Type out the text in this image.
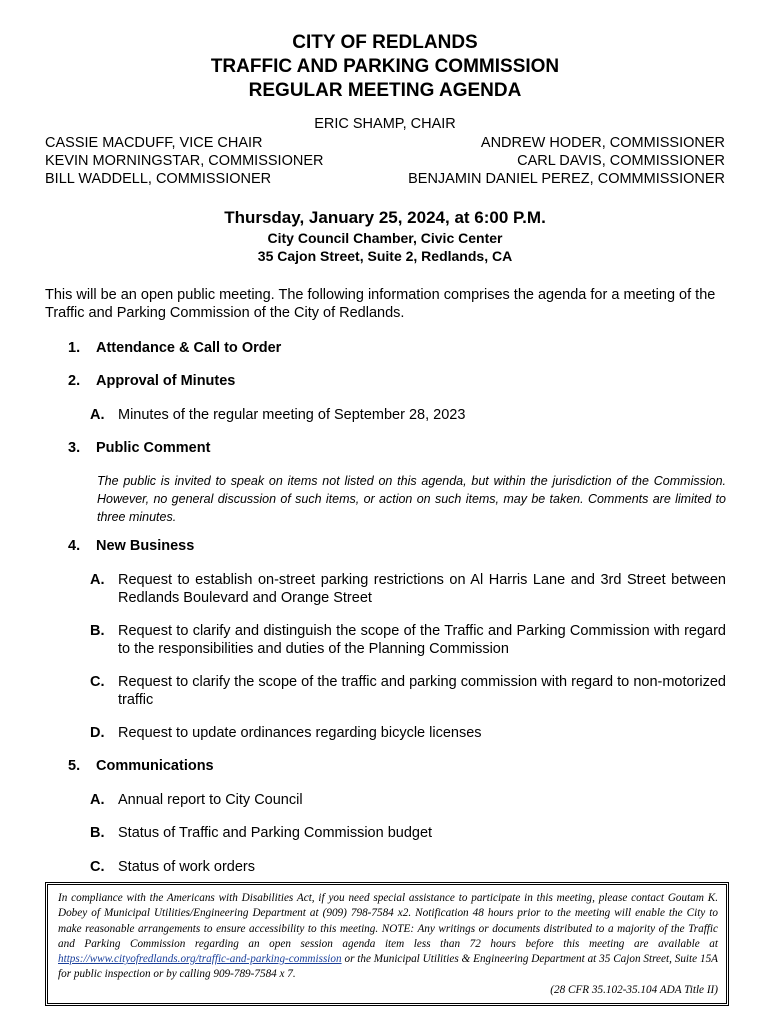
CITY OF REDLANDS
TRAFFIC AND PARKING COMMISSION
REGULAR MEETING AGENDA
ERIC SHAMP, CHAIR
CASSIE MACDUFF, VICE CHAIR
KEVIN MORNINGSTAR, COMMISSIONER
BILL WADDELL, COMMISSIONER
ANDREW HODER, COMMISSIONER
CARL DAVIS, COMMISSIONER
BENJAMIN DANIEL PEREZ, COMMMISSIONER
Thursday, January 25, 2024, at 6:00 P.M.
City Council Chamber, Civic Center
35 Cajon Street, Suite 2, Redlands, CA
This will be an open public meeting. The following information comprises the agenda for a meeting of the Traffic and Parking Commission of the City of Redlands.
1. Attendance & Call to Order
2. Approval of Minutes
A. Minutes of the regular meeting of September 28, 2023
3. Public Comment
The public is invited to speak on items not listed on this agenda, but within the jurisdiction of the Commission. However, no general discussion of such items, or action on such items, may be taken. Comments are limited to three minutes.
4. New Business
A. Request to establish on-street parking restrictions on Al Harris Lane and 3rd Street between Redlands Boulevard and Orange Street
B. Request to clarify and distinguish the scope of the Traffic and Parking Commission with regard to the responsibilities and duties of the Planning Commission
C. Request to clarify the scope of the traffic and parking commission with regard to non-motorized traffic
D. Request to update ordinances regarding bicycle licenses
5. Communications
A. Annual report to City Council
B. Status of Traffic and Parking Commission budget
C. Status of work orders
In compliance with the Americans with Disabilities Act, if you need special assistance to participate in this meeting, please contact Goutam K. Dobey of Municipal Utilities/Engineering Department at (909) 798-7584 x2. Notification 48 hours prior to the meeting will enable the City to make reasonable arrangements to ensure accessibility to this meeting. NOTE: Any writings or documents distributed to a majority of the Traffic and Parking Commission regarding an open session agenda item less than 72 hours before this meeting are available at https://www.cityofredlands.org/traffic-and-parking-commission or the Municipal Utilities & Engineering Department at 35 Cajon Street, Suite 15A for public inspection or by calling 909-789-7584 x 7.
(28 CFR 35.102-35.104 ADA Title II)
